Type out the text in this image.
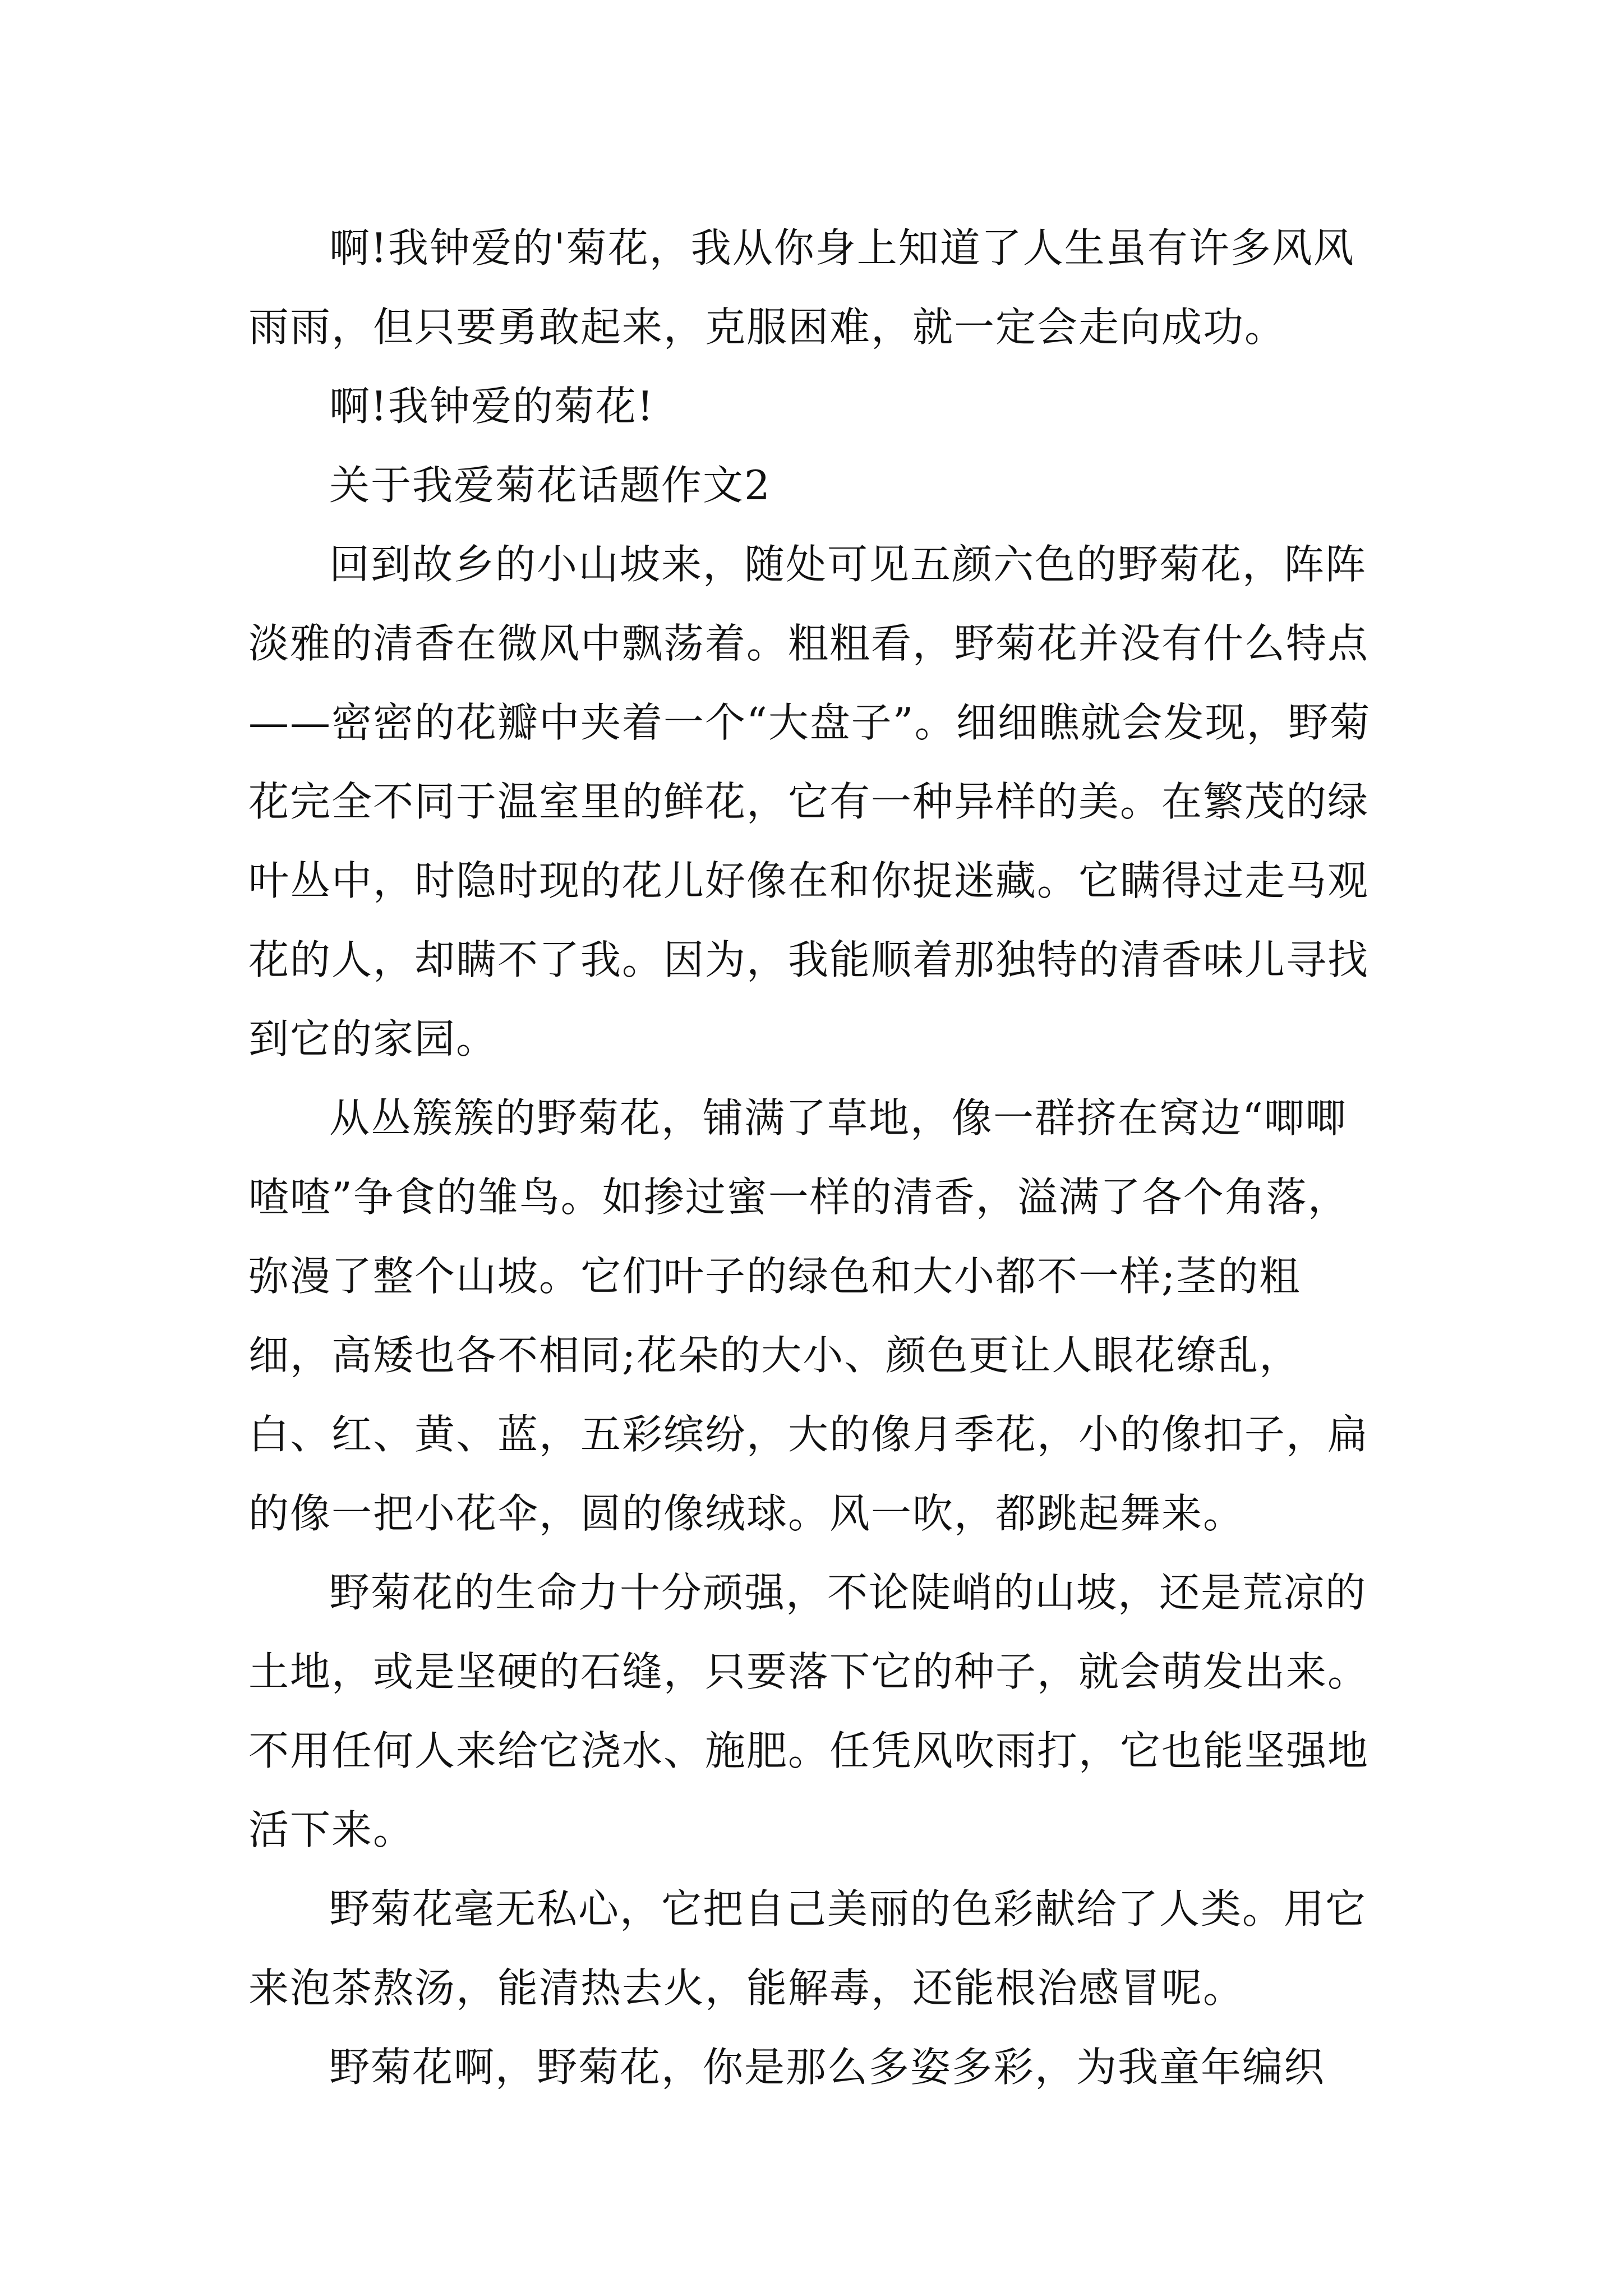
啊!我钟爱的'菊花，我从你身上知道了人生虽有许多风风雨雨，但只要勇敢起来，克服困难，就一定会走向成功。

啊!我钟爱的菊花!

关于我爱菊花话题作文2

回到故乡的小山坡来，随处可见五颜六色的野菊花，阵阵淡雅的清香在微风中飘荡着。粗粗看，野菊花并没有什么特点——密密的花瓣中夹着一个“大盘子”。细细瞧就会发现，野菊花完全不同于温室里的鲜花，它有一种异样的美。在繁茂的绿叶丛中，时隐时现的花儿好像在和你捉迷藏。它瞒得过走马观花的人，却瞒不了我。因为，我能顺着那独特的清香味儿寻找到它的家园。

从丛簇簇的野菊花，铺满了草地，像一群挤在窝边“唧唧喳喳”争食的雏鸟。如掺过蜜一样的清香，溢满了各个角落，弥漫了整个山坡。它们叶子的绿色和大小都不一样;茎的粗细，高矮也各不相同;花朵的大小、颜色更让人眼花缭乱，白、红、黄、蓝，五彩缤纷，大的像月季花，小的像扣子，扁的像一把小花伞，圆的像绒球。风一吹，都跳起舞来。

野菊花的生命力十分顽强，不论陡峭的山坡，还是荒凉的土地，或是坚硬的石缝，只要落下它的种子，就会萌发出来。不用任何人来给它浇水、施肥。任凭风吹雨打，它也能坚强地活下来。

野菊花毫无私心，它把自己美丽的色彩献给了人类。用它来泡茶熬汤，能清热去火，能解毒，还能根治感冒呢。

野菊花啊，野菊花，你是那么多姿多彩，为我童年编织
